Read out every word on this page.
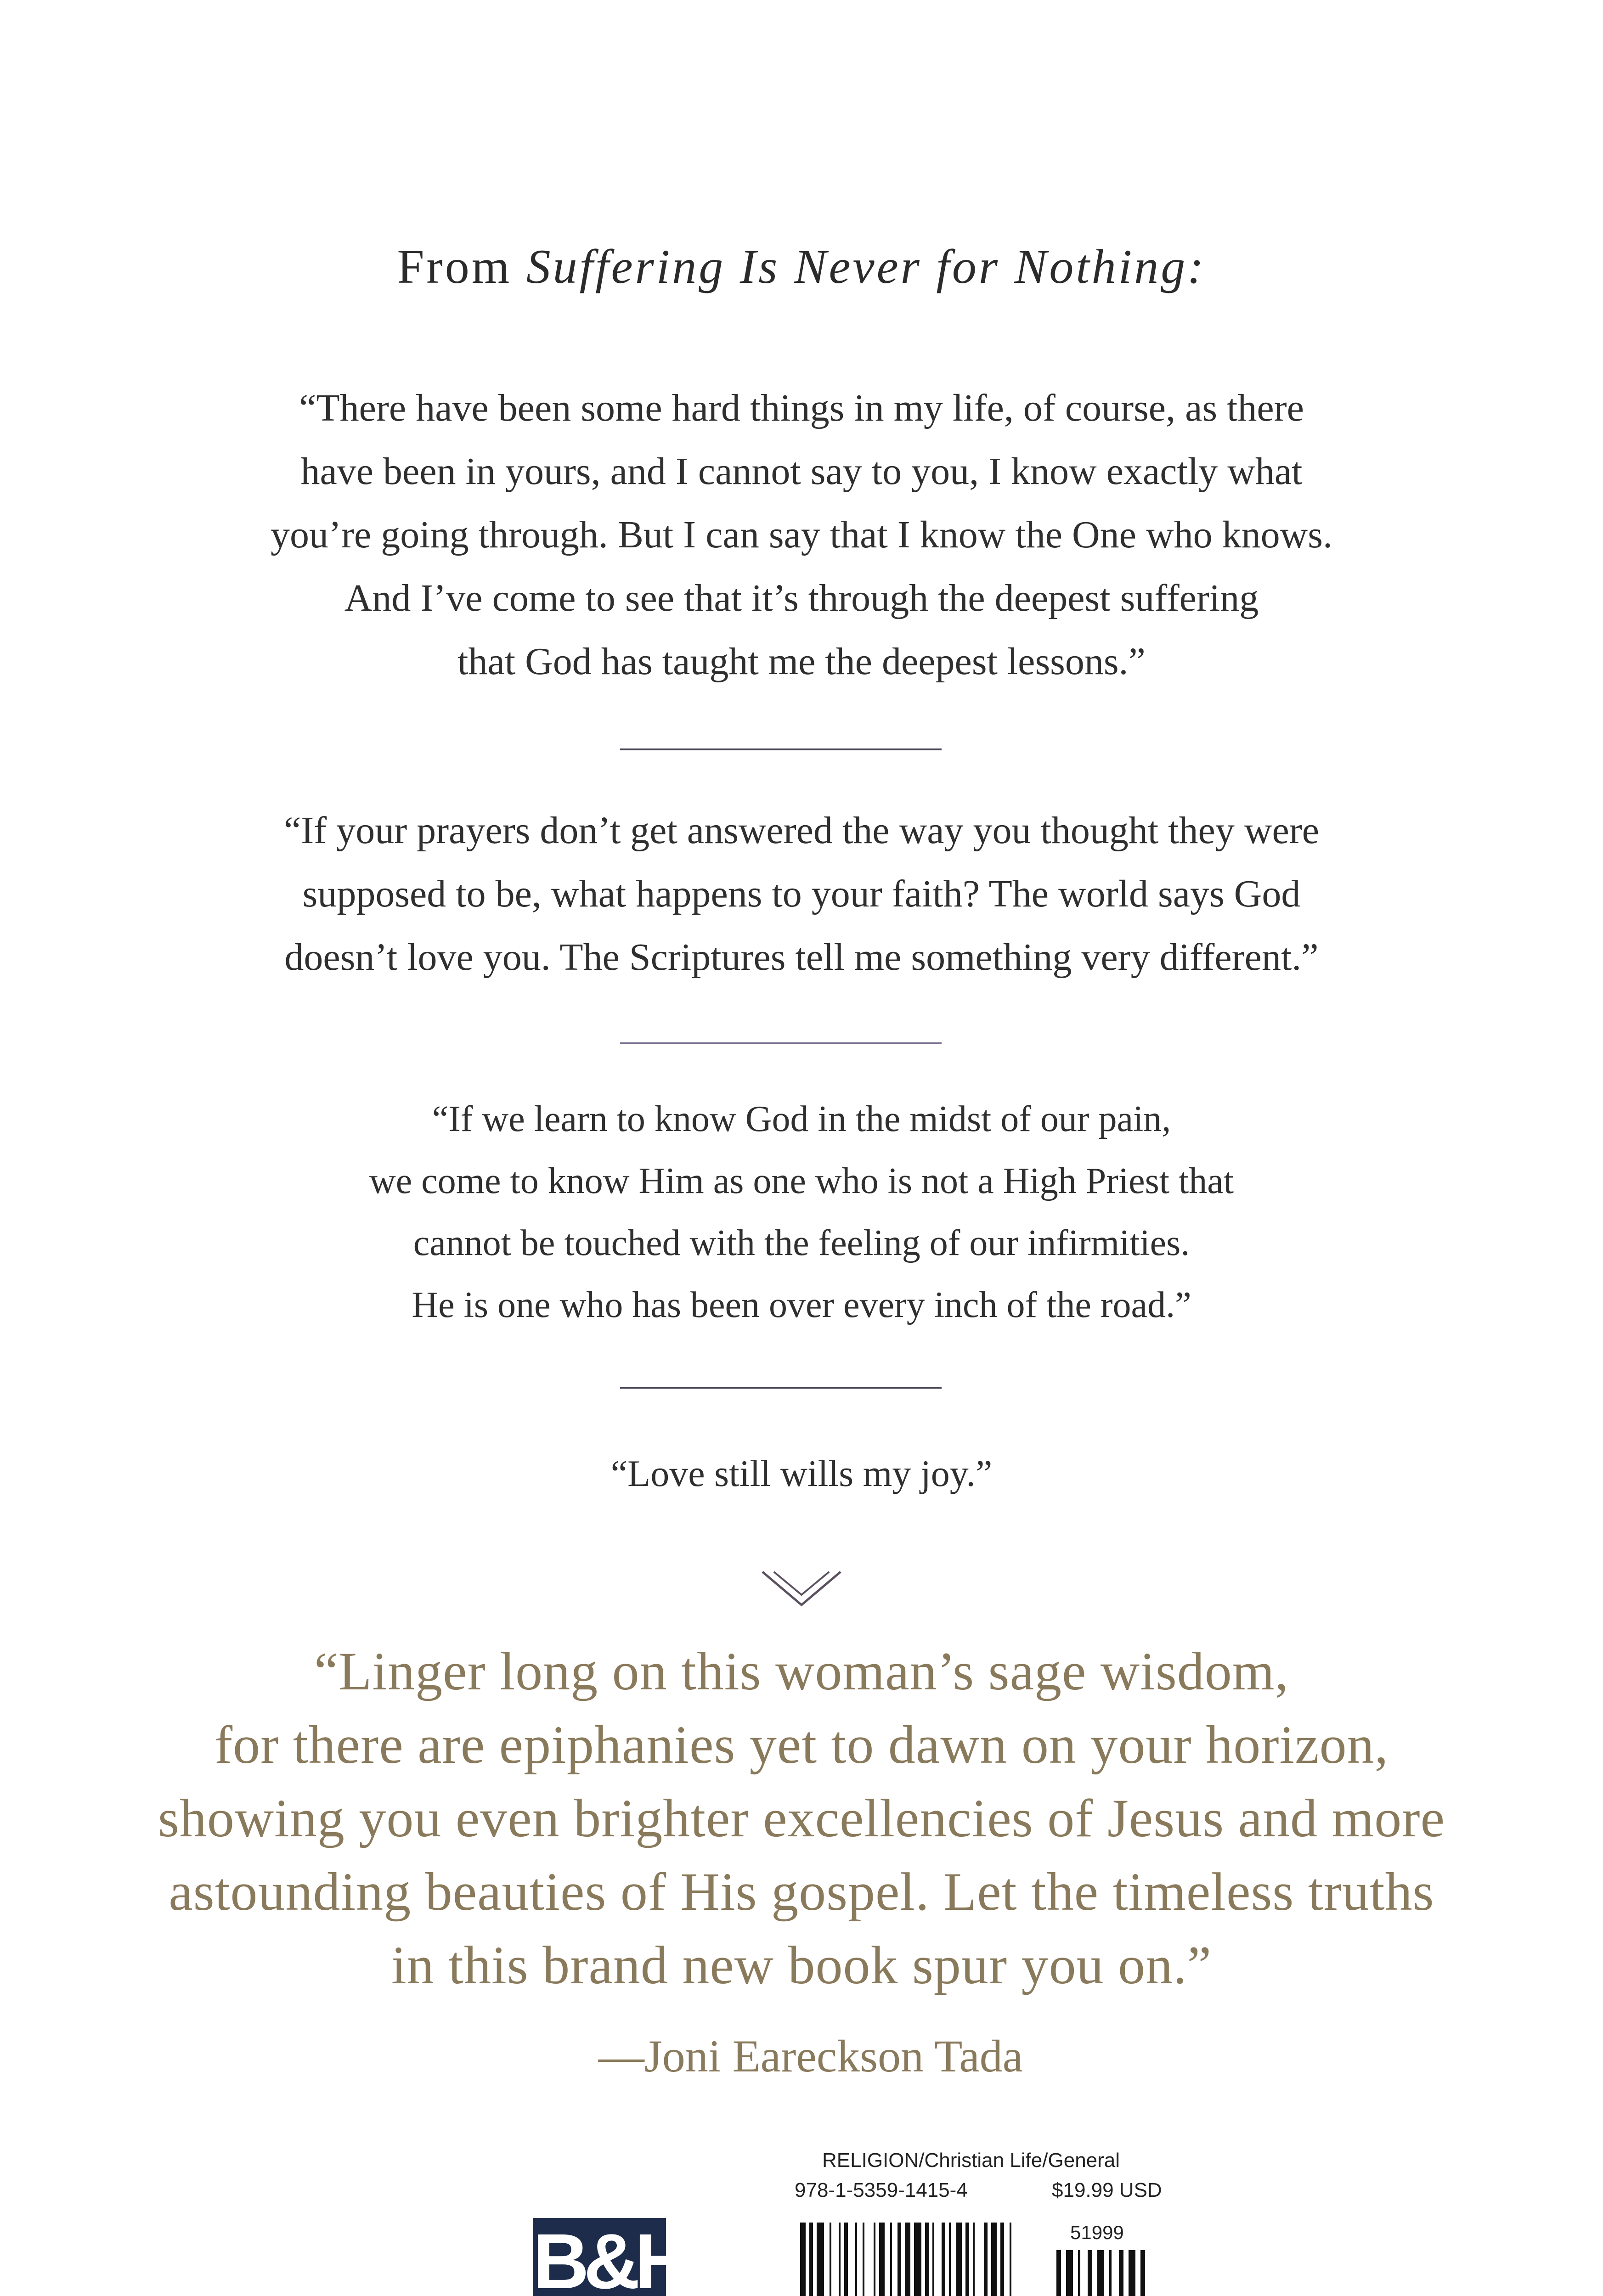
From Suffering Is Never for Nothing:
“There have been some hard things in my life, of course, as there
have been in yours, and I cannot say to you, I know exactly what
you’re going through. But I can say that I know the One who knows.
And I’ve come to see that it’s through the deepest suffering
that God has taught me the deepest lessons.”
“If your prayers don’t get answered the way you thought they were
supposed to be, what happens to your faith? The world says God
doesn’t love you. The Scriptures tell me something very different.”
“If we learn to know God in the midst of our pain,
we come to know Him as one who is not a High Priest that
cannot be touched with the feeling of our infirmities.
He is one who has been over every inch of the road.”
“Love still wills my joy.”
“Linger long on this woman’s sage wisdom,
for there are epiphanies yet to dawn on your horizon,
showing you even brighter excellencies of Jesus and more
astounding beauties of His gospel. Let the timeless truths
in this brand new book spur you on.”
—Joni Eareckson Tada
B&H
RELIGION/Christian Life/General
978-1-5359-1415-4	$19.99 USD
51999
